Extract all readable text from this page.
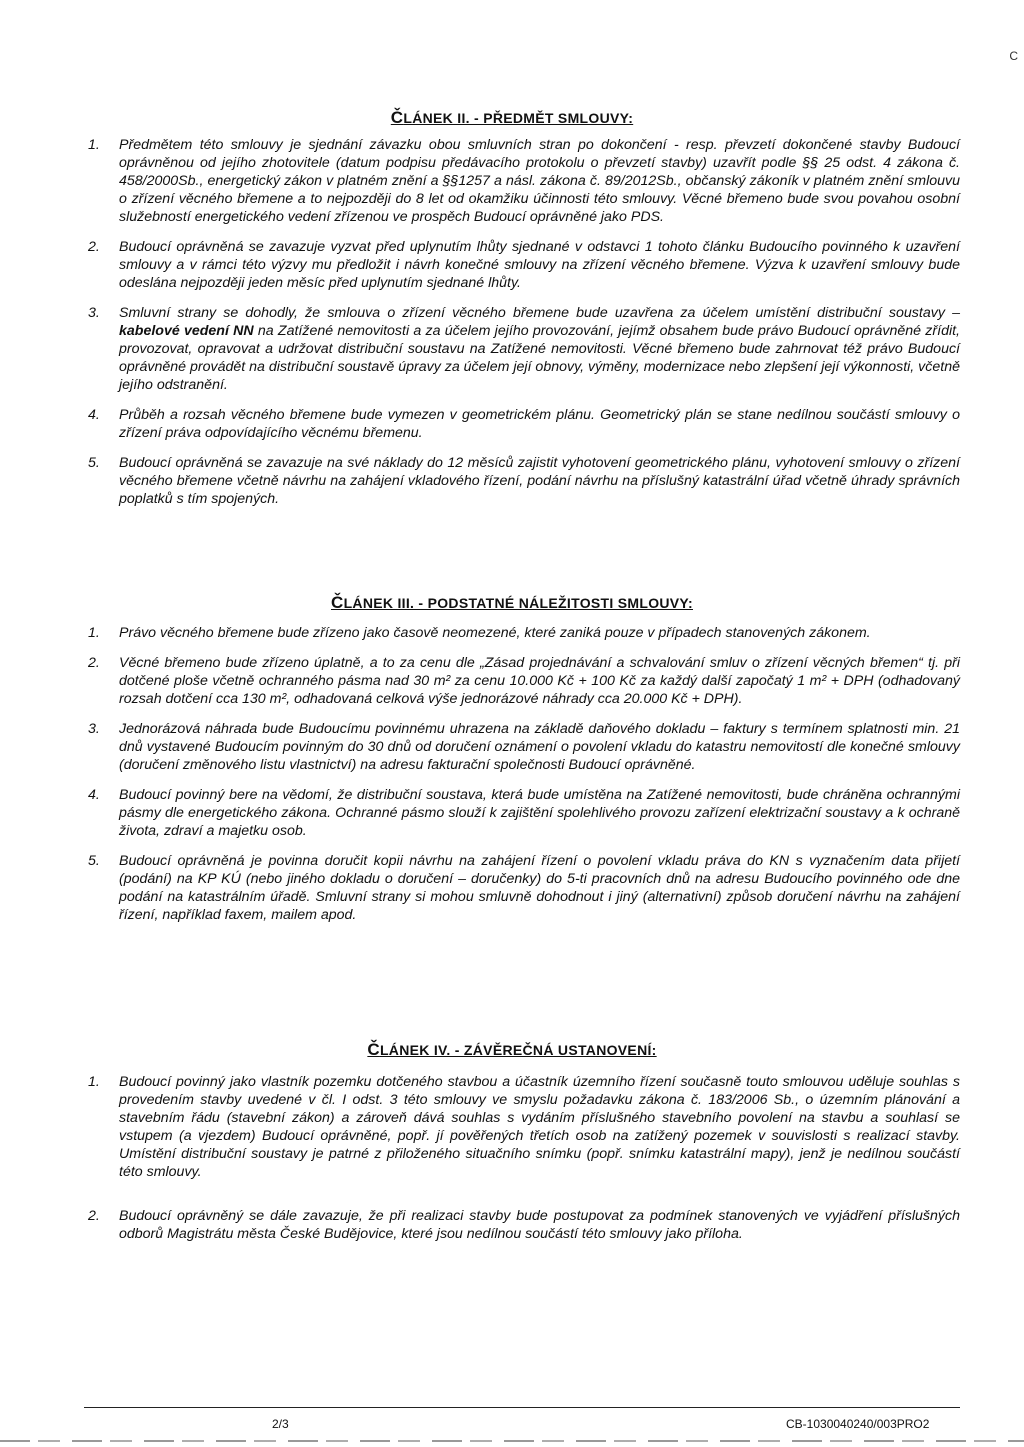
C
ČLÁNEK II. - PŘEDMĚT SMLOUVY:
1.	Předmětem této smlouvy je sjednání závazku obou smluvních stran po dokončení - resp. převzetí dokončené stavby Budoucí oprávněnou od jejího zhotovitele (datum podpisu předávacího protokolu o převzetí stavby) uzavřít podle §§ 25 odst. 4 zákona č. 458/2000Sb., energetický zákon v platném znění a §§1257 a násl. zákona č. 89/2012Sb., občanský zákoník v platném znění smlouvu o zřízení věcného břemene a to nejpozději do 8 let od okamžiku účinnosti této smlouvy. Věcné břemeno bude svou povahou osobní služebností energetického vedení zřízenou ve prospěch Budoucí oprávněné jako PDS.
2.	Budoucí oprávněná se zavazuje vyzvat před uplynutím lhůty sjednané v odstavci 1 tohoto článku Budoucího povinného k uzavření smlouvy a v rámci této výzvy mu předložit i návrh konečné smlouvy na zřízení věcného břemene. Výzva k uzavření smlouvy bude odeslána nejpozději jeden měsíc před uplynutím sjednané lhůty.
3.	Smluvní strany se dohodly, že smlouva o zřízení věcného břemene bude uzavřena za účelem umístění distribuční soustavy – kabelové vedení NN na Zatížené nemovitosti a za účelem jejího provozování, jejímž obsahem bude právo Budoucí oprávněné zřídit, provozovat, opravovat a udržovat distribuční soustavu na Zatížené nemovitosti. Věcné břemeno bude zahrnovat též právo Budoucí oprávněné provádět na distribuční soustavě úpravy za účelem její obnovy, výměny, modernizace nebo zlepšení její výkonnosti, včetně jejího odstranění.
4.	Průběh a rozsah věcného břemene bude vymezen v geometrickém plánu. Geometrický plán se stane nedílnou součástí smlouvy o zřízení práva odpovídajícího věcnému břemenu.
5.	Budoucí oprávněná se zavazuje na své náklady do 12 měsíců zajistit vyhotovení geometrického plánu, vyhotovení smlouvy o zřízení věcného břemene včetně návrhu na zahájení vkladového řízení, podání návrhu na příslušný katastrální úřad včetně úhrady správních poplatků s tím spojených.
ČLÁNEK III. - PODSTATNÉ NÁLEŽITOSTI SMLOUVY:
1.	Právo věcného břemene bude zřízeno jako časově neomezené, které zaniká pouze v případech stanovených zákonem.
2.	Věcné břemeno bude zřízeno úplatně, a to za cenu dle „Zásad projednávání a schvalování smluv o zřízení věcných břemen“ tj. při dotčené ploše včetně ochranného pásma nad 30 m² za cenu 10.000 Kč + 100 Kč za každý další započatý 1 m² + DPH (odhadovaný rozsah dotčení cca 130 m², odhadovaná celková výše jednorázové náhrady cca 20.000 Kč + DPH).
3.	Jednorázová náhrada bude Budoucímu povinnému uhrazena na základě daňového dokladu – faktury s termínem splatnosti min. 21 dnů vystavené Budoucím povinným do 30 dnů od doručení oznámení o povolení vkladu do katastru nemovitostí dle konečné smlouvy (doručení změnového listu vlastnictví) na adresu fakturační společnosti Budoucí oprávněné.
4.	Budoucí povinný bere na vědomí, že distribuční soustava, která bude umístěna na Zatížené nemovitosti, bude chráněna ochrannými pásmy dle energetického zákona. Ochranné pásmo slouží k zajištění spolehlivého provozu zařízení elektrizační soustavy a k ochraně života, zdraví a majetku osob.
5.	Budoucí oprávněná je povinna doručit kopii návrhu na zahájení řízení o povolení vkladu práva do KN s vyznačením data přijetí (podání) na KP KÚ (nebo jiného dokladu o doručení – doručenky) do 5-ti pracovních dnů na adresu Budoucího povinného ode dne podání na katastrálním úřadě. Smluvní strany si mohou smluvně dohodnout i jiný (alternativní) způsob doručení návrhu na zahájení řízení, například faxem, mailem apod.
ČLÁNEK IV. - ZÁVĚREČNÁ USTANOVENÍ:
1.	Budoucí povinný jako vlastník pozemku dotčeného stavbou a účastník územního řízení současně touto smlouvou uděluje souhlas s provedením stavby uvedené v čl. I odst. 3 této smlouvy ve smyslu požadavku zákona č. 183/2006 Sb., o územním plánování a stavebním řádu (stavební zákon) a zároveň dává souhlas s vydáním příslušného stavebního povolení na stavbu a souhlasí se vstupem (a vjezdem) Budoucí oprávněné, popř. jí pověřených třetích osob na zatížený pozemek v souvislosti s realizací stavby. Umístění distribuční soustavy je patrné z přiloženého situačního snímku (popř. snímku katastrální mapy), jenž je nedílnou součástí této smlouvy.
2.	Budoucí oprávněný se dále zavazuje, že při realizaci stavby bude postupovat za podmínek stanovených ve vyjádření příslušných odborů Magistrátu města České Budějovice, které jsou nedílnou součástí této smlouvy jako příloha.
2/3	CB-1030040240/003PRO2
